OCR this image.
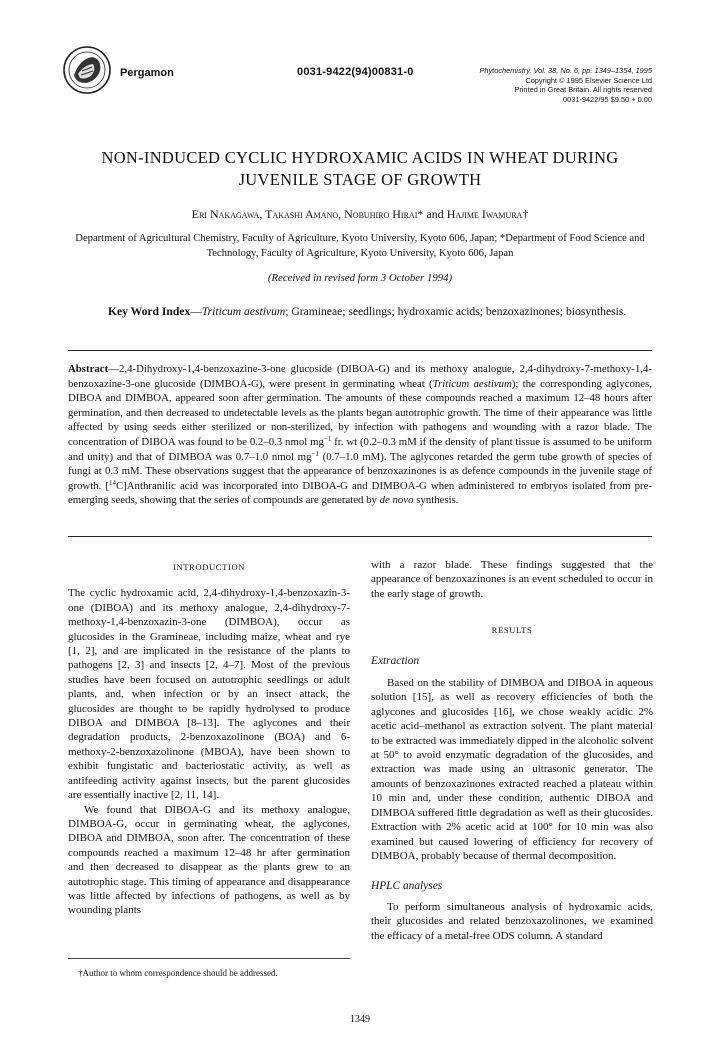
Pergamon	0031-9422(94)00831-0	Phytochemistry, Vol. 38, No. 6, pp. 1349–1354, 1995
Copyright © 1995 Elsevier Science Ltd
Printed in Great Britain. All rights reserved
0031-9422/95 $9.50 + 0.00
NON-INDUCED CYCLIC HYDROXAMIC ACIDS IN WHEAT DURING
JUVENILE STAGE OF GROWTH
Eri Nakagawa, Takashi Amano, Nobuhiro Hirai* and Hajime Iwamura†
Department of Agricultural Chemistry, Faculty of Agriculture, Kyoto University, Kyoto 606, Japan; *Department of Food Science and Technology, Faculty of Agriculture, Kyoto University, Kyoto 606, Japan
(Received in revised form 3 October 1994)
Key Word Index—Triticum aestivum; Gramineae; seedlings; hydroxamic acids; benzoxazinones; biosynthesis.
Abstract—2,4-Dihydroxy-1,4-benzoxazine-3-one glucoside (DIBOA-G) and its methoxy analogue, 2,4-dihydroxy-7-methoxy-1,4-benzoxazine-3-one glucoside (DIMBOA-G), were present in germinating wheat (Triticum aestivum); the corresponding aglycones, DIBOA and DIMBOA, appeared soon after germination. The amounts of these compounds reached a maximum 12–48 hours after germination, and then decreased to undetectable levels as the plants began autotrophic growth. The time of their appearance was little affected by using seeds either sterilized or non-sterilized, by infection with pathogens and wounding with a razor blade. The concentration of DIBOA was found to be 0.2–0.3 nmol $mg^{-1}$ fr. wt (0.2–0.3 mM if the density of plant tissue is assumed to be uniform and unity) and that of DIMBOA was 0.7–1.0 nmol $mg^{-1}$ (0.7–1.0 mM). The aglycones retarded the germ tube growth of species of fungi at 0.3 mM. These observations suggest that the appearance of benzoxazinones is as defence compounds in the juvenile stage of growth. [$^{14}$C]Anthranilic acid was incorporated into DIBOA-G and DIMBOA-G when administered to embryos isolated from pre-emerging seeds, showing that the series of compounds are generated by de novo synthesis.
INTRODUCTION

The cyclic hydroxamic acid, 2,4-dihydroxy-1,4-benzoxazin-3-one (DIBOA) and its methoxy analogue, 2,4-dihydroxy-7-methoxy-1,4-benzoxazin-3-one (DIMBOA), occur as glucosides in the Gramineae, including maize, wheat and rye [1, 2], and are implicated in the resistance of the plants to pathogens [2, 3] and insects [2, 4–7]. Most of the previous studies have been focused on autotrophic seedlings or adult plants, and, when infection or by an insect attack, the glucosides are thought to be rapidly hydrolysed to produce DIBOA and DIMBOA [8–13]. The aglycones and their degradation products, 2-benzoxazolinone (BOA) and 6-methoxy-2-benzoxazolinone (MBOA), have been shown to exhibit fungistatic and bacteriostatic activity, as well as antifeeding activity against insects, but the parent glucosides are essentially inactive [2, 11, 14].

We found that DIBOA-G and its methoxy analogue, DIMBOA-G, occur in germinating wheat, the aglycones, DIBOA and DIMBOA, soon after. The concentration of these compounds reached a maximum 12–48 hr after germination and then decreased to disappear as the plants grew to an autotrophic stage. This timing of appearance and disappearance was little affected by infections of pathogens, as well as by wounding plants

†Author to whom correspondence should be addressed.

with a razor blade. These findings suggested that the appearance of benzoxazinones is an event scheduled to occur in the early stage of growth.

RESULTS
Extraction

Based on the stability of DIMBOA and DIBOA in aqueous solution [15], as well as recovery efficiencies of both the aglycones and glucosides [16], we chose weakly acidic 2% acetic acid–methanol as extraction solvent. The plant material to be extracted was immediately dipped in the alcoholic solvent at 50° to avoid enzymatic degradation of the glucosides, and extraction was made using an ultrasonic generator. The amounts of benzoxazinones extracted reached a plateau within 10 min and, under these condition, authentic DIBOA and DIMBOA suffered little degradation as well as their glucosides. Extraction with 2% acetic acid at 100° for 10 min was also examined but caused lowering of efficiency for recovery of DIMBOA, probably because of thermal decomposition.

HPLC analyses

To perform simultaneous analysis of hydroxamic acids, their glucosides and related benzoxazolinones, we examined the efficacy of a metal-free ODS column. A standard

1349
